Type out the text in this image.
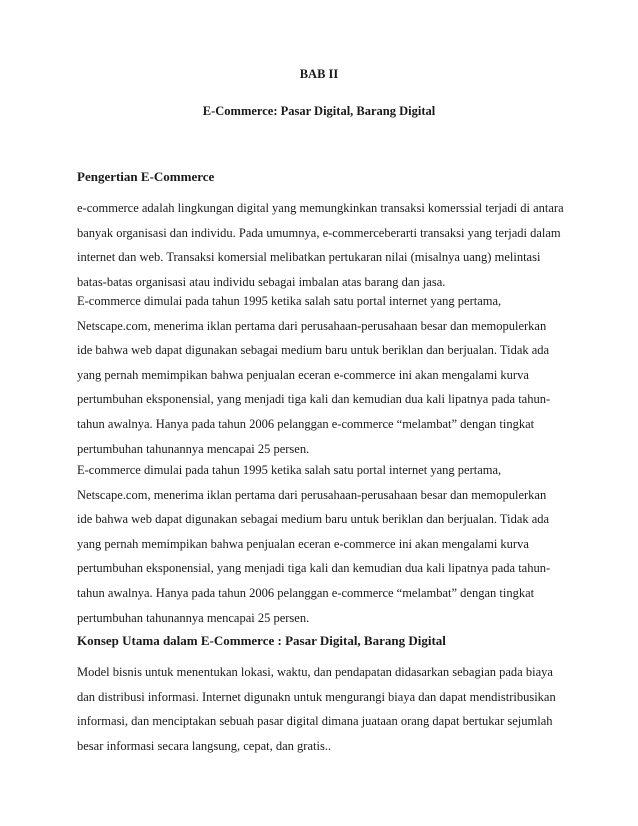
BAB II

E-Commerce: Pasar Digital, Barang Digital

Pengertian E-Commerce

e-commerce adalah lingkungan digital yang memungkinkan transaksi komerssial terjadi di antara
banyak organisasi dan individu. Pada umumnya, e-commerceberarti transaksi yang terjadi dalam
internet dan web. Transaksi komersial melibatkan pertukaran nilai (misalnya uang) melintasi
batas-batas organisasi atau individu sebagai imbalan atas barang dan jasa.
E-commerce dimulai pada tahun 1995 ketika salah satu portal internet yang pertama,
Netscape.com, menerima iklan pertama dari perusahaan-perusahaan besar dan memopulerkan
ide bahwa web dapat digunakan sebagai medium baru untuk beriklan dan berjualan. Tidak ada
yang pernah memimpikan bahwa penjualan eceran e-commerce ini akan mengalami kurva
pertumbuhan eksponensial, yang menjadi tiga kali dan kemudian dua kali lipatnya pada tahun-
tahun awalnya. Hanya pada tahun 2006 pelanggan e-commerce “melambat” dengan tingkat
pertumbuhan tahunannya mencapai 25 persen.
E-commerce dimulai pada tahun 1995 ketika salah satu portal internet yang pertama,
Netscape.com, menerima iklan pertama dari perusahaan-perusahaan besar dan memopulerkan
ide bahwa web dapat digunakan sebagai medium baru untuk beriklan dan berjualan. Tidak ada
yang pernah memimpikan bahwa penjualan eceran e-commerce ini akan mengalami kurva
pertumbuhan eksponensial, yang menjadi tiga kali dan kemudian dua kali lipatnya pada tahun-
tahun awalnya. Hanya pada tahun 2006 pelanggan e-commerce “melambat” dengan tingkat
pertumbuhan tahunannya mencapai 25 persen.

Konsep Utama dalam E-Commerce : Pasar Digital, Barang Digital

Model bisnis untuk menentukan lokasi, waktu, dan pendapatan didasarkan sebagian pada biaya
dan distribusi informasi. Internet digunakn untuk mengurangi biaya dan dapat mendistribusikan
informasi, dan menciptakan sebuah pasar digital dimana juataan orang dapat bertukar sejumlah
besar informasi secara langsung, cepat, dan gratis..
